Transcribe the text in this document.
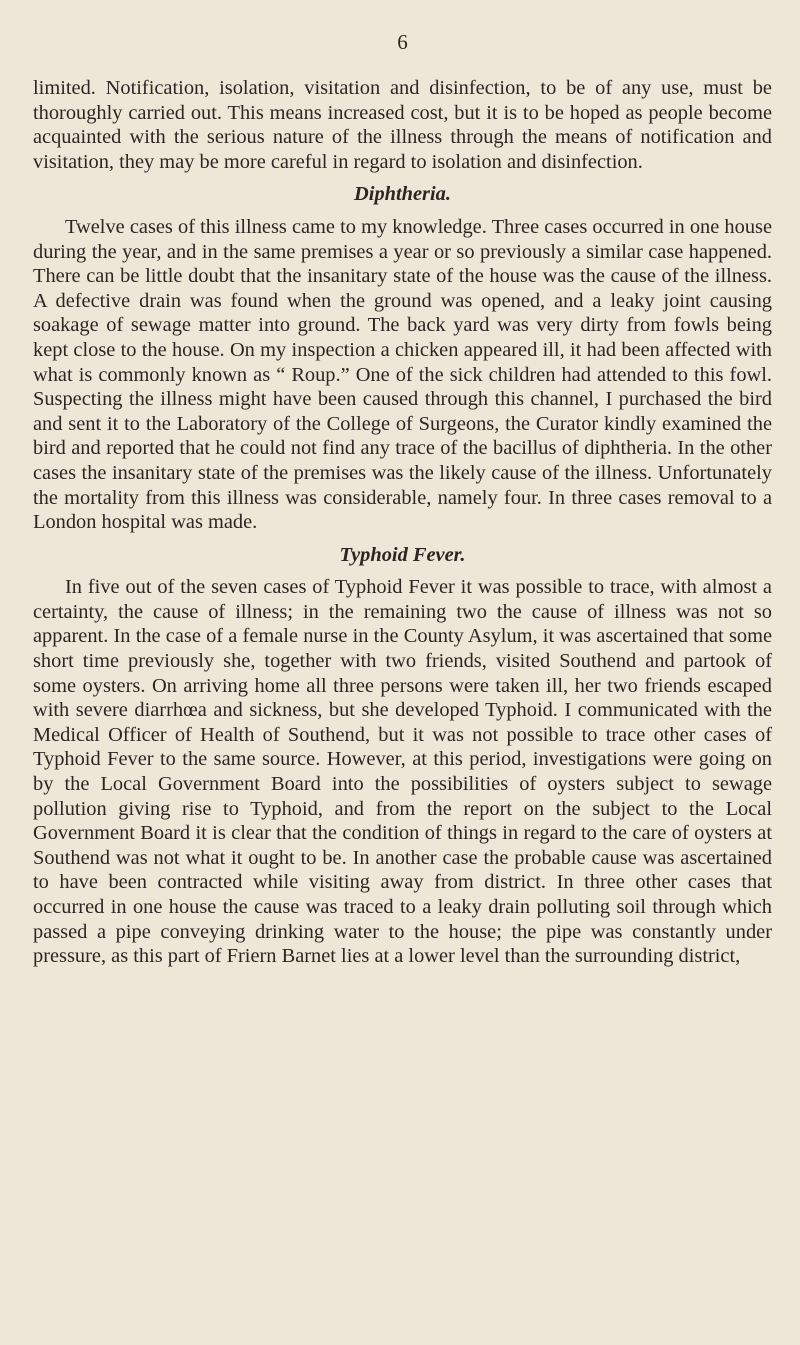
6

limited. Notification, isolation, visitation and disinfection, to be of any use, must be thoroughly carried out. This means increased cost, but it is to be hoped as people become acquainted with the serious nature of the illness through the means of notification and visitation, they may be more careful in regard to isolation and disinfection.

Diphtheria.

Twelve cases of this illness came to my knowledge. Three cases occurred in one house during the year, and in the same premises a year or so previously a similar case happened. There can be little doubt that the insanitary state of the house was the cause of the illness. A defective drain was found when the ground was opened, and a leaky joint causing soakage of sewage matter into ground. The back yard was very dirty from fowls being kept close to the house. On my inspection a chicken appeared ill, it had been affected with what is commonly known as “ Roup.” One of the sick children had attended to this fowl. Suspecting the illness might have been caused through this channel, I purchased the bird and sent it to the Laboratory of the College of Surgeons, the Curator kindly examined the bird and reported that he could not find any trace of the bacillus of diphtheria. In the other cases the insanitary state of the premises was the likely cause of the illness. Unfortunately the mortality from this illness was considerable, namely four. In three cases removal to a London hospital was made.

Typhoid Fever.

In five out of the seven cases of Typhoid Fever it was possible to trace, with almost a certainty, the cause of illness; in the remaining two the cause of illness was not so apparent. In the case of a female nurse in the County Asylum, it was ascertained that some short time previously she, together with two friends, visited Southend and partook of some oysters. On arriving home all three persons were taken ill, her two friends escaped with severe diarrhœa and sickness, but she developed Typhoid. I communicated with the Medical Officer of Health of Southend, but it was not possible to trace other cases of Typhoid Fever to the same source. However, at this period, investigations were going on by the Local Government Board into the possibilities of oysters subject to sewage pollution giving rise to Typhoid, and from the report on the subject to the Local Government Board it is clear that the condition of things in regard to the care of oysters at Southend was not what it ought to be. In another case the probable cause was ascertained to have been contracted while visiting away from district. In three other cases that occurred in one house the cause was traced to a leaky drain polluting soil through which passed a pipe conveying drinking water to the house; the pipe was constantly under pressure, as this part of Friern Barnet lies at a lower level than the surrounding district,
